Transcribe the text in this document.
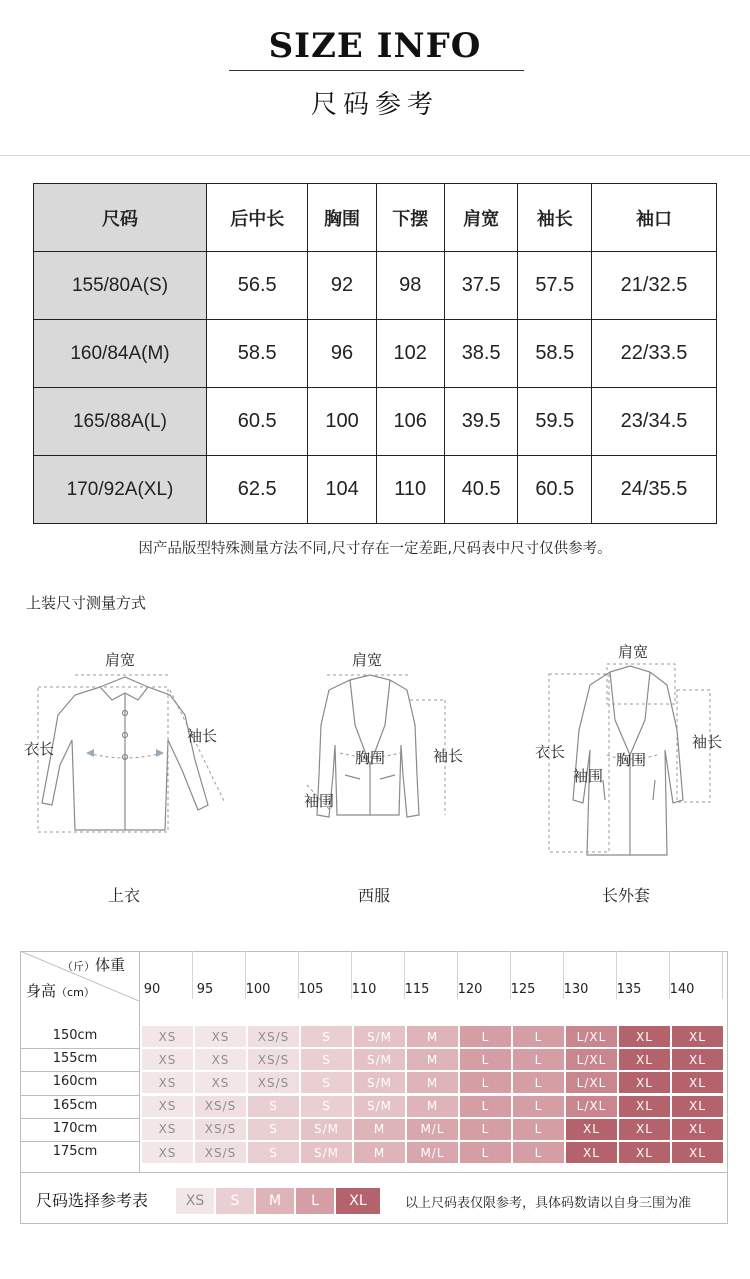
SIZE INFO
尺码参考
尺码	后中长	胸围	下摆	肩宽	袖长	袖口
155/80A(S)	56.5	92	98	37.5	57.5	21/32.5
160/84A(M)	58.5	96	102	38.5	58.5	22/33.5
165/88A(L)	60.5	100	106	39.5	59.5	23/34.5
170/92A(XL)	62.5	104	110	40.5	60.5	24/35.5
因产品版型特殊测量方法不同,尺寸存在一定差距,尺码表中尺寸仅供参考。
上装尺寸测量方式
肩宽
衣长
袖长
上衣
肩宽
胸围	袖长
袖围
西服
肩宽
衣长	胸围
袖围
袖长
长外套
（斤）体重
身高（cm）	90	95	100	105	110	115	120	125	130	135	140
150cm	XS	XS	XS/S	S	S/M	M	L	L	L/XL	XL	XL
155cm	XS	XS	XS/S	S	S/M	M	L	L	L/XL	XL	XL
160cm	XS	XS	XS/S	S	S/M	M	L	L	L/XL	XL	XL
165cm	XS	XS/S	S	S	S/M	M	L	L	L/XL	XL	XL
170cm	XS	XS/S	S	S/M	M	M/L	L	L	XL	XL	XL
175cm	XS	XS/S	S	S/M	M	M/L	L	L	XL	XL	XL
尺码选择参考表	XS	S	M	L	XL	以上尺码表仅限参考，具体码数请以自身三围为准
